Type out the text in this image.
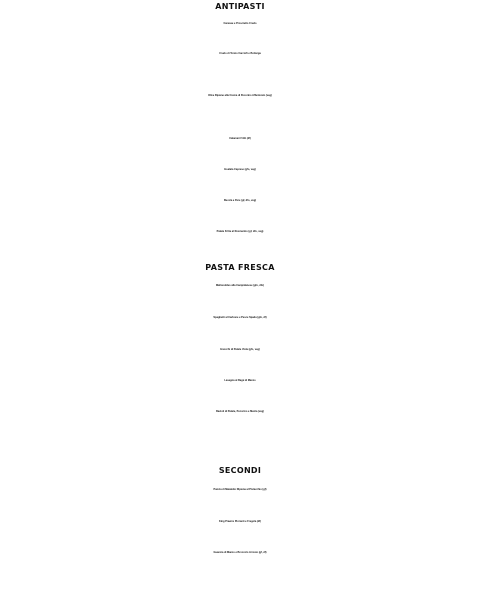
ANTIPASTI
Carasau e Prosciutto Crudo
Crudo di Tonno Carciofi e Bottarga
Olive Ripiene alla Crema di Pecorino Affumicato (veg)
Calamari Fritti (df)
Insalata Caprese (gfo, veg)
Rucola e Pere (gf, dfo, veg)
Patate Fritte al Rosmarino (gf, dfo, veg)
PASTA FRESCA
Malloreddus alla Campidanese (gfo, dfo)
Spaghetti al Carbone e Pesce Spada (gfo, df)
Gnocchi di Patate Viola (gfo, veg)
Lasagna al Ragù di Manzo
Ravioli di Patate, Pecorino e Menta (veg)
SECONDI
Pancia di Maialetto Ripiena al Pistacchio (gf)
King Prawns Piccanti e Fregola (df)
Guancia di Manzo e Broccolo Arrosto (gf, df)
